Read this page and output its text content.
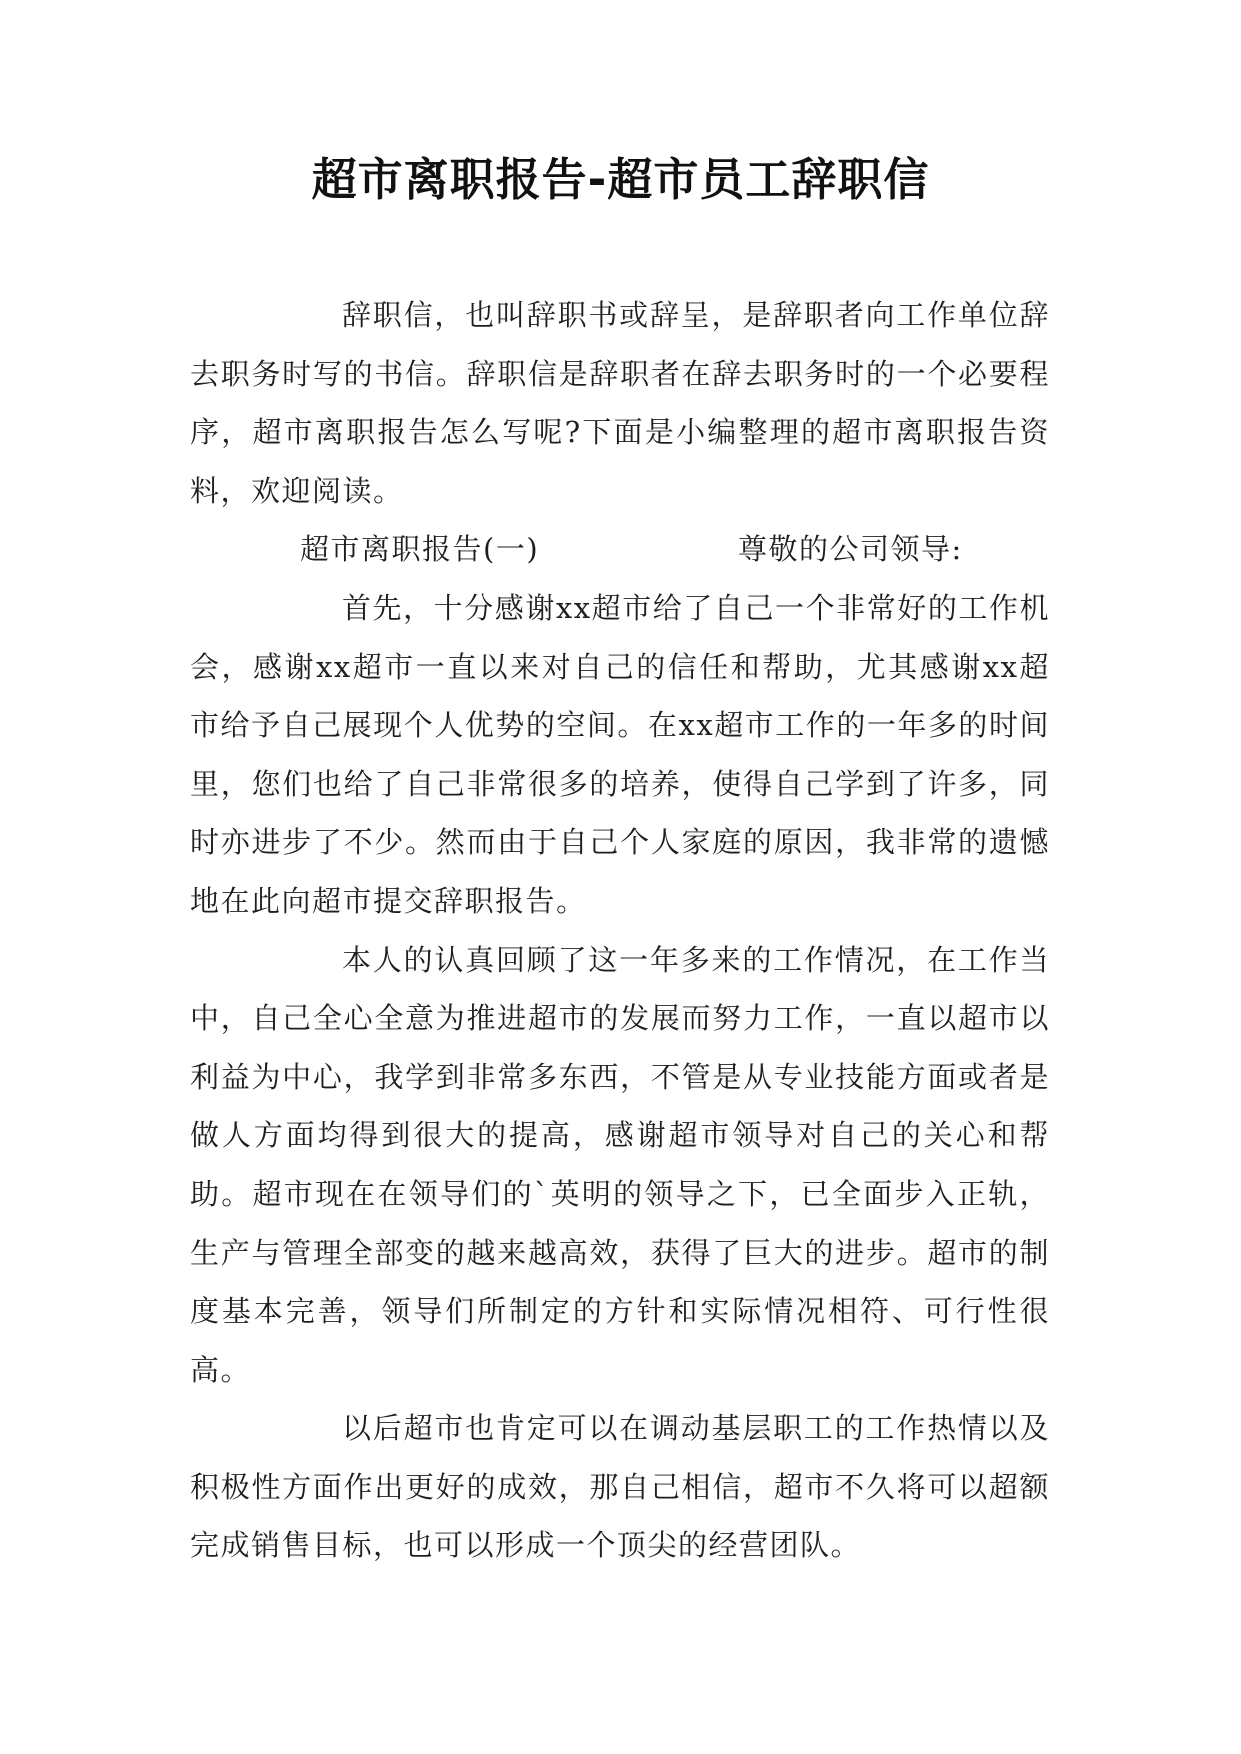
超市离职报告-超市员工辞职信

辞职信，也叫辞职书或辞呈，是辞职者向工作单位辞去职务时写的书信。辞职信是辞职者在辞去职务时的一个必要程序，超市离职报告怎么写呢?下面是小编整理的超市离职报告资料，欢迎阅读。

超市离职报告(一)	尊敬的公司领导:

首先，十分感谢xx超市给了自己一个非常好的工作机会，感谢xx超市一直以来对自己的信任和帮助，尤其感谢xx超市给予自己展现个人优势的空间。在xx超市工作的一年多的时间里，您们也给了自己非常很多的培养，使得自己学到了许多，同时亦进步了不少。然而由于自己个人家庭的原因，我非常的遗憾地在此向超市提交辞职报告。

本人的认真回顾了这一年多来的工作情况，在工作当中，自己全心全意为推进超市的发展而努力工作，一直以超市以利益为中心，我学到非常多东西，不管是从专业技能方面或者是做人方面均得到很大的提高，感谢超市领导对自己的关心和帮助。超市现在在领导们的`英明的领导之下，已全面步入正轨，生产与管理全部变的越来越高效，获得了巨大的进步。超市的制度基本完善，领导们所制定的方针和实际情况相符、可行性很高。

以后超市也肯定可以在调动基层职工的工作热情以及积极性方面作出更好的成效，那自己相信，超市不久将可以超额完成销售目标，也可以形成一个顶尖的经营团队。
